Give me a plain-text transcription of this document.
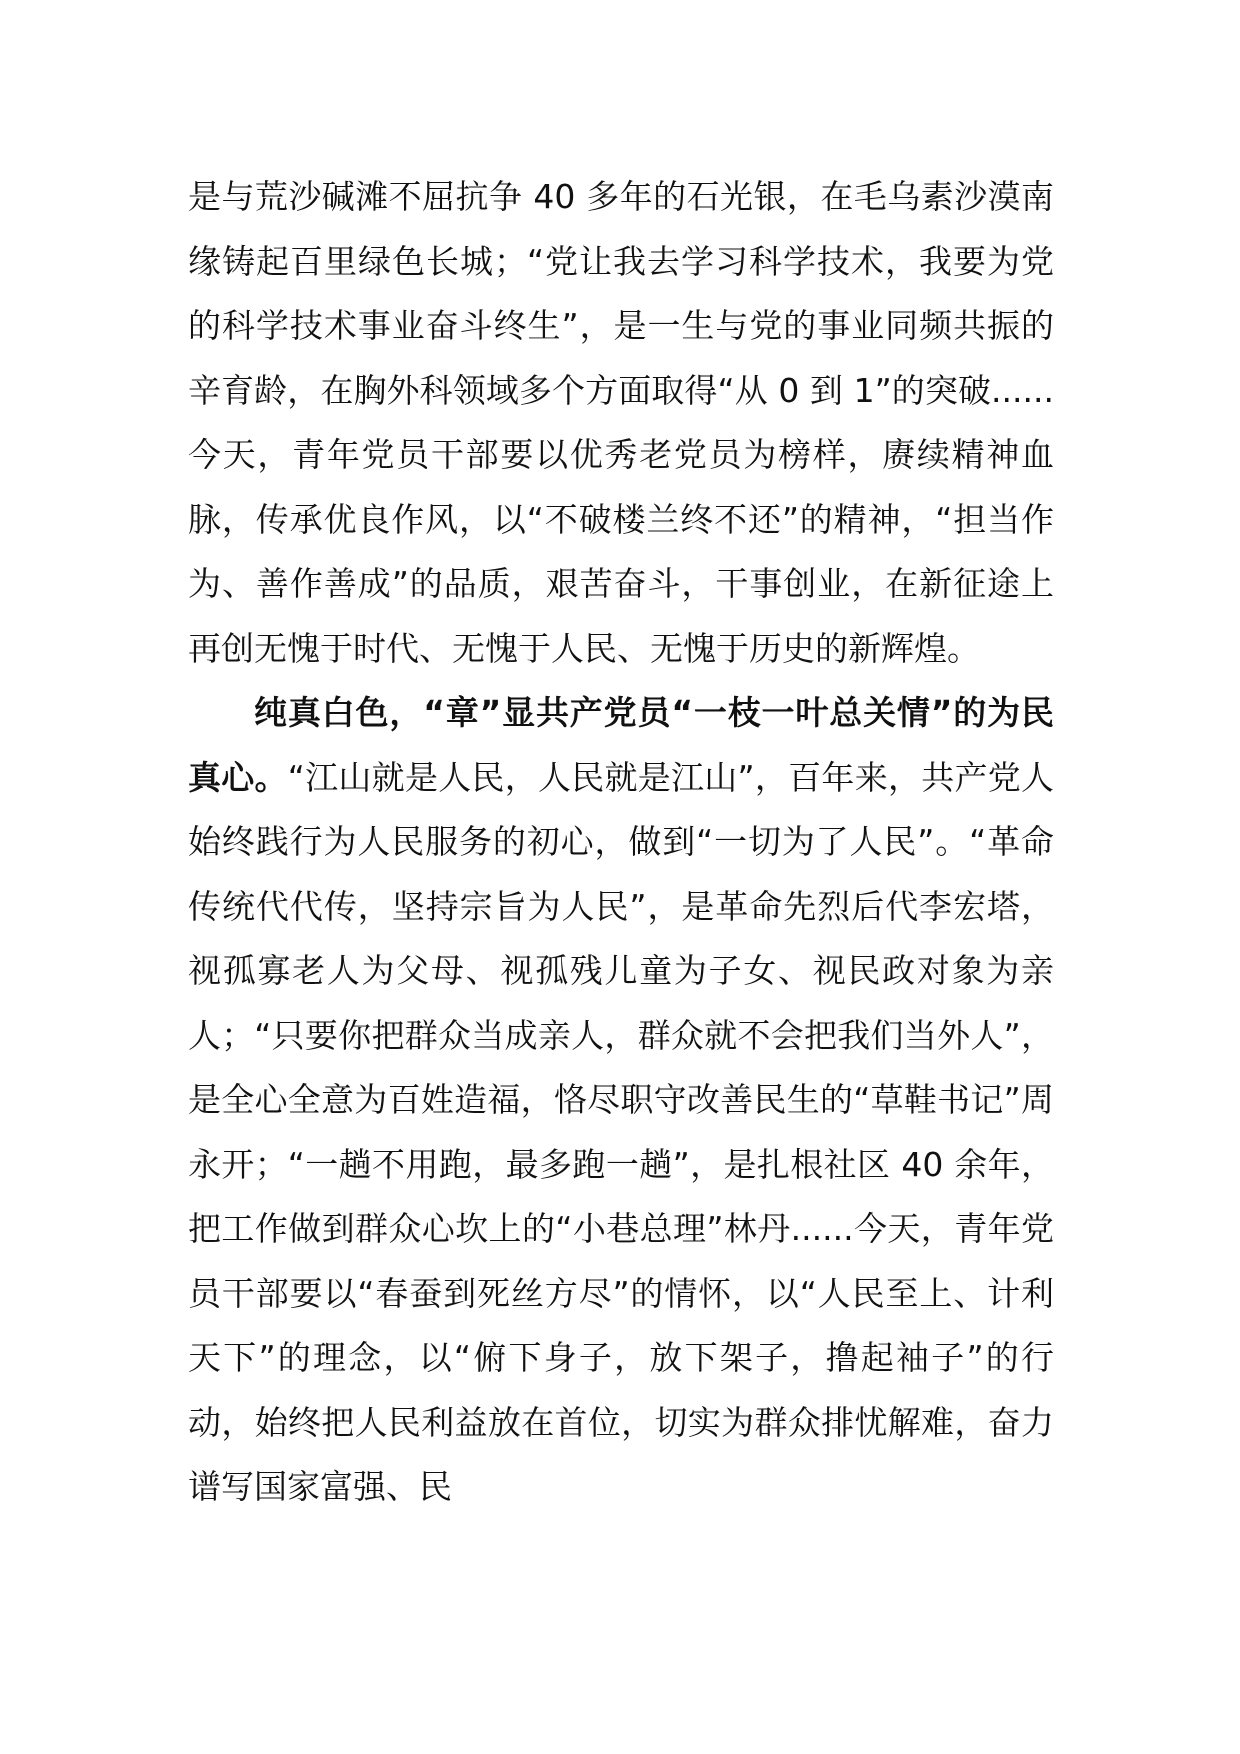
是与荒沙碱滩不屈抗争 40 多年的石光银，在毛乌素沙漠南缘铸起百里绿色长城；“党让我去学习科学技术，我要为党的科学技术事业奋斗终生”，是一生与党的事业同频共振的辛育龄，在胸外科领域多个方面取得“从 0 到 1”的突破......今天，青年党员干部要以优秀老党员为榜样，赓续精神血脉，传承优良作风，以“不破楼兰终不还”的精神，“担当作为、善作善成”的品质，艰苦奋斗，干事创业，在新征途上再创无愧于时代、无愧于人民、无愧于历史的新辉煌。

纯真白色，“章”显共产党员“一枝一叶总关情”的为民真心。“江山就是人民，人民就是江山”，百年来，共产党人始终践行为人民服务的初心，做到“一切为了人民”。“革命传统代代传，坚持宗旨为人民”，是革命先烈后代李宏塔，视孤寡老人为父母、视孤残儿童为子女、视民政对象为亲人；“只要你把群众当成亲人，群众就不会把我们当外人”，是全心全意为百姓造福，恪尽职守改善民生的“草鞋书记”周永开；“一趟不用跑，最多跑一趟”，是扎根社区 40 余年，把工作做到群众心坎上的“小巷总理”林丹......今天，青年党员干部要以“春蚕到死丝方尽”的情怀，以“人民至上、计利天下”的理念，以“俯下身子，放下架子，撸起袖子”的行动，始终把人民利益放在首位，切实为群众排忧解难，奋力谱写国家富强、民
